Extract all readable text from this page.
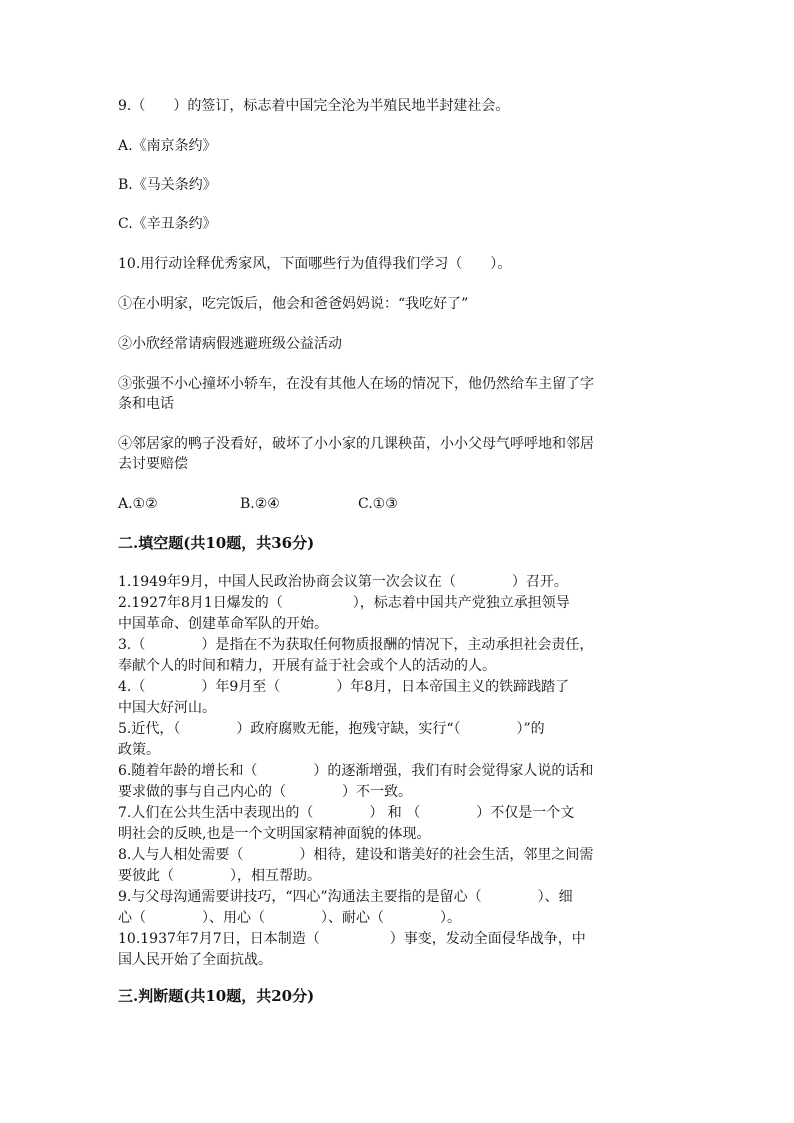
9.（　　）的签订，标志着中国完全沦为半殖民地半封建社会。
A.《南京条约》
B.《马关条约》
C.《辛丑条约》
10.用行动诠释优秀家风，下面哪些行为值得我们学习（　　）。
①在小明家，吃完饭后，他会和爸爸妈妈说：“我吃好了”
②小欣经常请病假逃避班级公益活动
③张强不小心撞坏小轿车，在没有其他人在场的情况下，他仍然给车主留了字
条和电话
④邻居家的鸭子没看好，破坏了小小家的几课秧苗，小小父母气呼呼地和邻居
去讨要赔偿
A.①②	B.②④	C.①③
二.填空题(共10题，共36分)
1.1949年9月，中国人民政治协商会议第一次会议在（　　　　）召开。
2.1927年8月1日爆发的（　　　　　），标志着中国共产党独立承担领导
中国革命、创建革命军队的开始。
3.（　　　　）是指在不为获取任何物质报酬的情况下，主动承担社会责任，
奉献个人的时间和精力，开展有益于社会或个人的活动的人。
4.（　　　　）年9月至（　　　　）年8月，日本帝国主义的铁蹄践踏了
中国大好河山。
5.近代，（　　　　）政府腐败无能，抱残守缺，实行“（　　　　）”的
政策。
6.随着年龄的增长和（　　　　）的逐渐增强，我们有时会觉得家人说的话和
要求做的事与自己内心的（　　　　）不一致。
7.人们在公共生活中表现出的（　　　　） 和 （　　　　）不仅是一个文
明社会的反映,也是一个文明国家精神面貌的体现。
8.人与人相处需要（　　　　）相待，建设和谐美好的社会生活，邻里之间需
要彼此（　　　　），相互帮助。
9.与父母沟通需要讲技巧，“四心”沟通法主要指的是留心（　　　　）、细
心（　　　　）、用心（　　　　）、耐心（　　　　）。
10.1937年7月7日，日本制造（　　　　　）事变，发动全面侵华战争，中
国人民开始了全面抗战。
三.判断题(共10题，共20分)
